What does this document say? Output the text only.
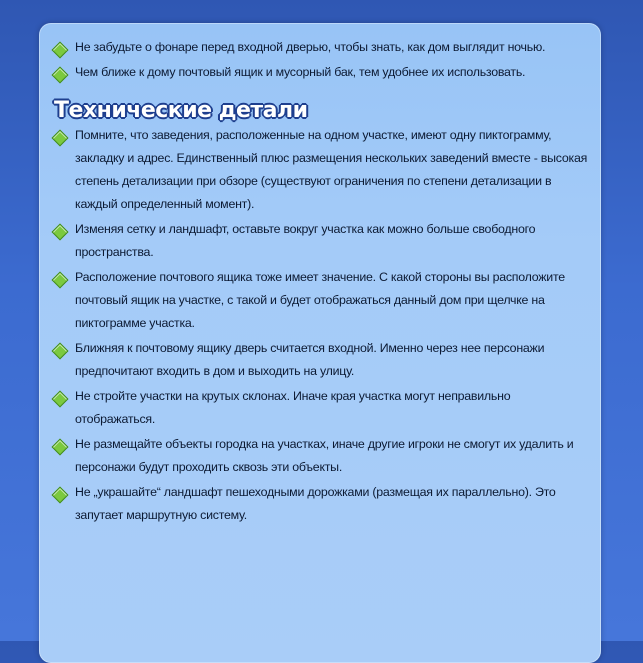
Не забудьте о фонаре перед входной дверью, чтобы знать, как дом выглядит ночью.
Чем ближе к дому почтовый ящик и мусорный бак, тем удобнее их использовать.
Технические детали
Помните, что заведения, расположенные на одном участке, имеют одну пиктограмму, закладку и адрес. Единственный плюс размещения нескольких заведений вместе - высокая степень детализации при обзоре (существуют ограничения по степени детализации в каждый определенный момент).
Изменяя сетку и ландшафт, оставьте вокруг участка как можно больше свободного пространства.
Расположение почтового ящика тоже имеет значение. С какой стороны вы расположите почтовый ящик на участке, с такой и будет отображаться данный дом при щелчке на пиктограмме участка.
Ближняя к почтовому ящику дверь считается входной. Именно через нее персонажи предпочитают входить в дом и выходить на улицу.
Не стройте участки на крутых склонах. Иначе края участка могут неправильно отображаться.
Не размещайте объекты городка на участках, иначе другие игроки не смогут их удалить и персонажи будут проходить сквозь эти объекты.
Не „украшайте“ ландшафт пешеходными дорожками (размещая их параллельно). Это запутает маршрутную систему.
